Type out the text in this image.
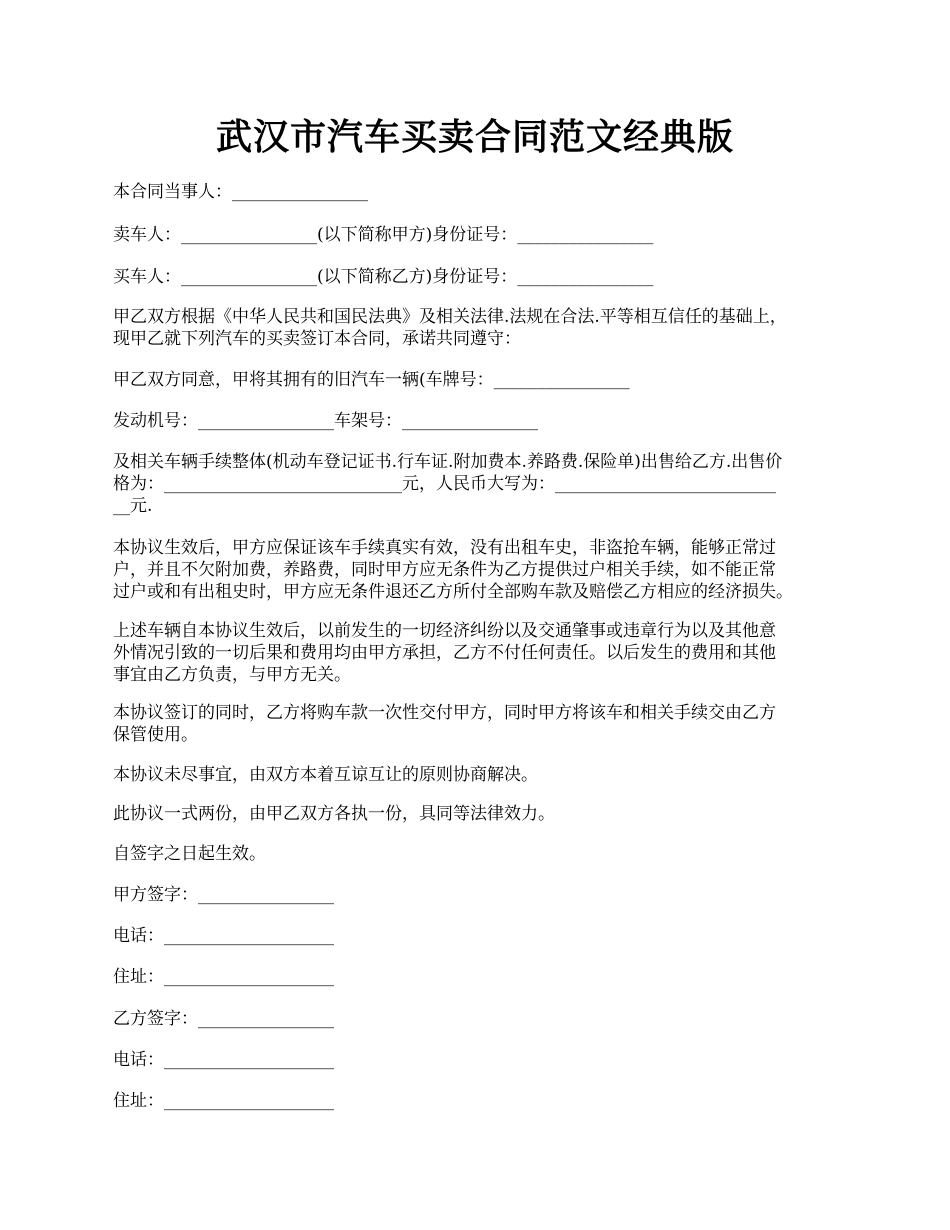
武汉市汽车买卖合同范文经典版
本合同当事人：________________
卖车人：________________(以下简称甲方)身份证号：________________
买车人：________________(以下简称乙方)身份证号：________________
甲乙双方根据《中华人民共和国民法典》及相关法律.法规在合法.平等相互信任的基础上，
现甲乙就下列汽车的买卖签订本合同，承诺共同遵守：
甲乙双方同意，甲将其拥有的旧汽车一辆(车牌号：________________
发动机号：________________车架号：________________
及相关车辆手续整体(机动车登记证书.行车证.附加费本.养路费.保险单)出售给乙方.出售价
格为：____________________________元，人民币大写为：__________________________
__元.
本协议生效后，甲方应保证该车手续真实有效，没有出租车史，非盗抢车辆，能够正常过
户，并且不欠附加费，养路费，同时甲方应无条件为乙方提供过户相关手续，如不能正常
过户或和有出租史时，甲方应无条件退还乙方所付全部购车款及赔偿乙方相应的经济损失。
上述车辆自本协议生效后，以前发生的一切经济纠纷以及交通肇事或违章行为以及其他意
外情况引致的一切后果和费用均由甲方承担，乙方不付任何责任。以后发生的费用和其他
事宜由乙方负责，与甲方无关。
本协议签订的同时，乙方将购车款一次性交付甲方，同时甲方将该车和相关手续交由乙方
保管使用。
本协议未尽事宜，由双方本着互谅互让的原则协商解决。
此协议一式两份，由甲乙双方各执一份，具同等法律效力。
自签字之日起生效。
甲方签字：________________
电话：____________________
住址：____________________
乙方签字：________________
电话：____________________
住址：____________________
